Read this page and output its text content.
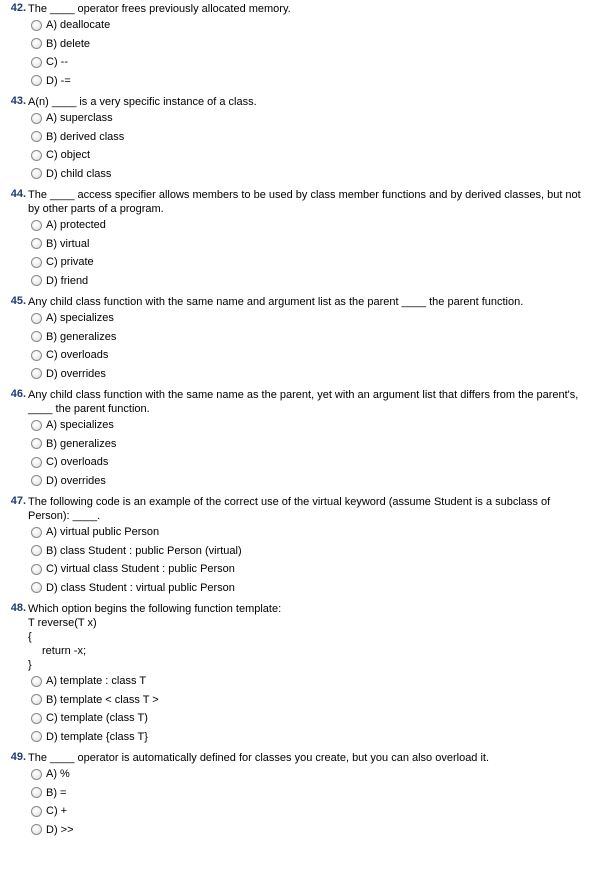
42. The ____ operator frees previously allocated memory.
A) deallocate
B) delete
C) --
D) -=
43. A(n) ____ is a very specific instance of a class.
A) superclass
B) derived class
C) object
D) child class
44. The ____ access specifier allows members to be used by class member functions and by derived classes, but not by other parts of a program.
A) protected
B) virtual
C) private
D) friend
45. Any child class function with the same name and argument list as the parent ____ the parent function.
A) specializes
B) generalizes
C) overloads
D) overrides
46. Any child class function with the same name as the parent, yet with an argument list that differs from the parent's, ____ the parent function.
A) specializes
B) generalizes
C) overloads
D) overrides
47. The following code is an example of the correct use of the virtual keyword (assume Student is a subclass of Person): ____.
A) virtual public Person
B) class Student : public Person (virtual)
C) virtual class Student : public Person
D) class Student : virtual public Person
48. Which option begins the following function template:
T reverse(T x)
{
return -x;
}
A) template : class T
B) template < class T >
C) template (class T)
D) template {class T}
49. The ____ operator is automatically defined for classes you create, but you can also overload it.
A) %
B) =
C) +
D) >>
